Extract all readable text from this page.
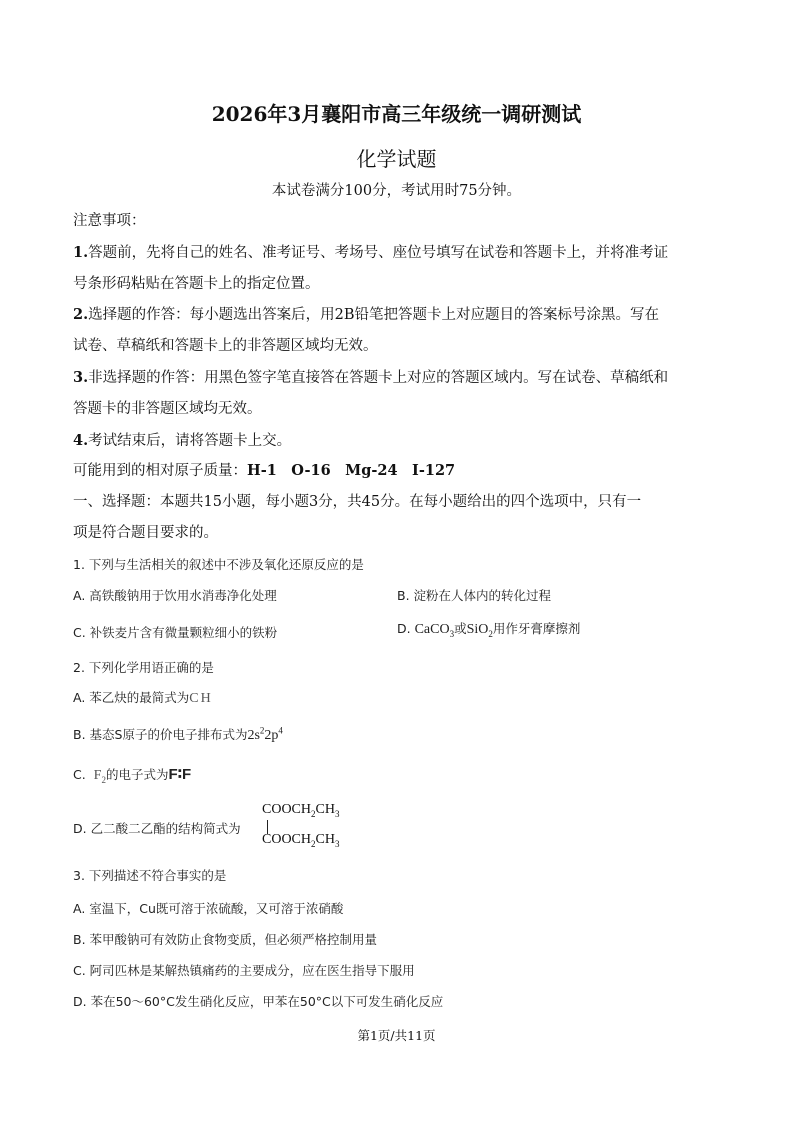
2026年3月襄阳市高三年级统一调研测试
化学试题
本试卷满分100分，考试用时75分钟。
注意事项：
1.答题前，先将自己的姓名、准考证号、考场号、座位号填写在试卷和答题卡上，并将准考证
号条形码粘贴在答题卡上的指定位置。
2.选择题的作答：每小题选出答案后，用2B铅笔把答题卡上对应题目的答案标号涂黑。写在
试卷、草稿纸和答题卡上的非答题区域均无效。
3.非选择题的作答：用黑色签字笔直接答在答题卡上对应的答题区域内。写在试卷、草稿纸和
答题卡的非答题区域均无效。
4.考试结束后，请将答题卡上交。
可能用到的相对原子质量：H-1　O-16　Mg-24　I-127
一、选择题：本题共15小题，每小题3分，共45分。在每小题给出的四个选项中，只有一
项是符合题目要求的。
1. 下列与生活相关的叙述中不涉及氧化还原反应的是
A. 高铁酸钠用于饮用水消毒净化处理	B. 淀粉在人体内的转化过程
C. 补铁麦片含有微量颗粒细小的铁粉	D. CaCO$_3$或SiO$_2$用作牙膏摩擦剂
2. 下列化学用语正确的是
A. 苯乙炔的最简式为CH
B. 基态S原子的价电子排布式为$2s^22p^4$
C. $F_2$的电子式为F∶F
D. 乙二酸二乙酯的结构简式为
$COOCH_2CH_3$
$COOCH_2CH_3$
3. 下列描述不符合事实的是
A. 室温下，Cu既可溶于浓硫酸，又可溶于浓硝酸
B. 苯甲酸钠可有效防止食物变质，但必须严格控制用量
C. 阿司匹林是某解热镇痛药的主要成分，应在医生指导下服用
D. 苯在50～60°C发生硝化反应，甲苯在50°C以下可发生硝化反应
第1页/共11页
